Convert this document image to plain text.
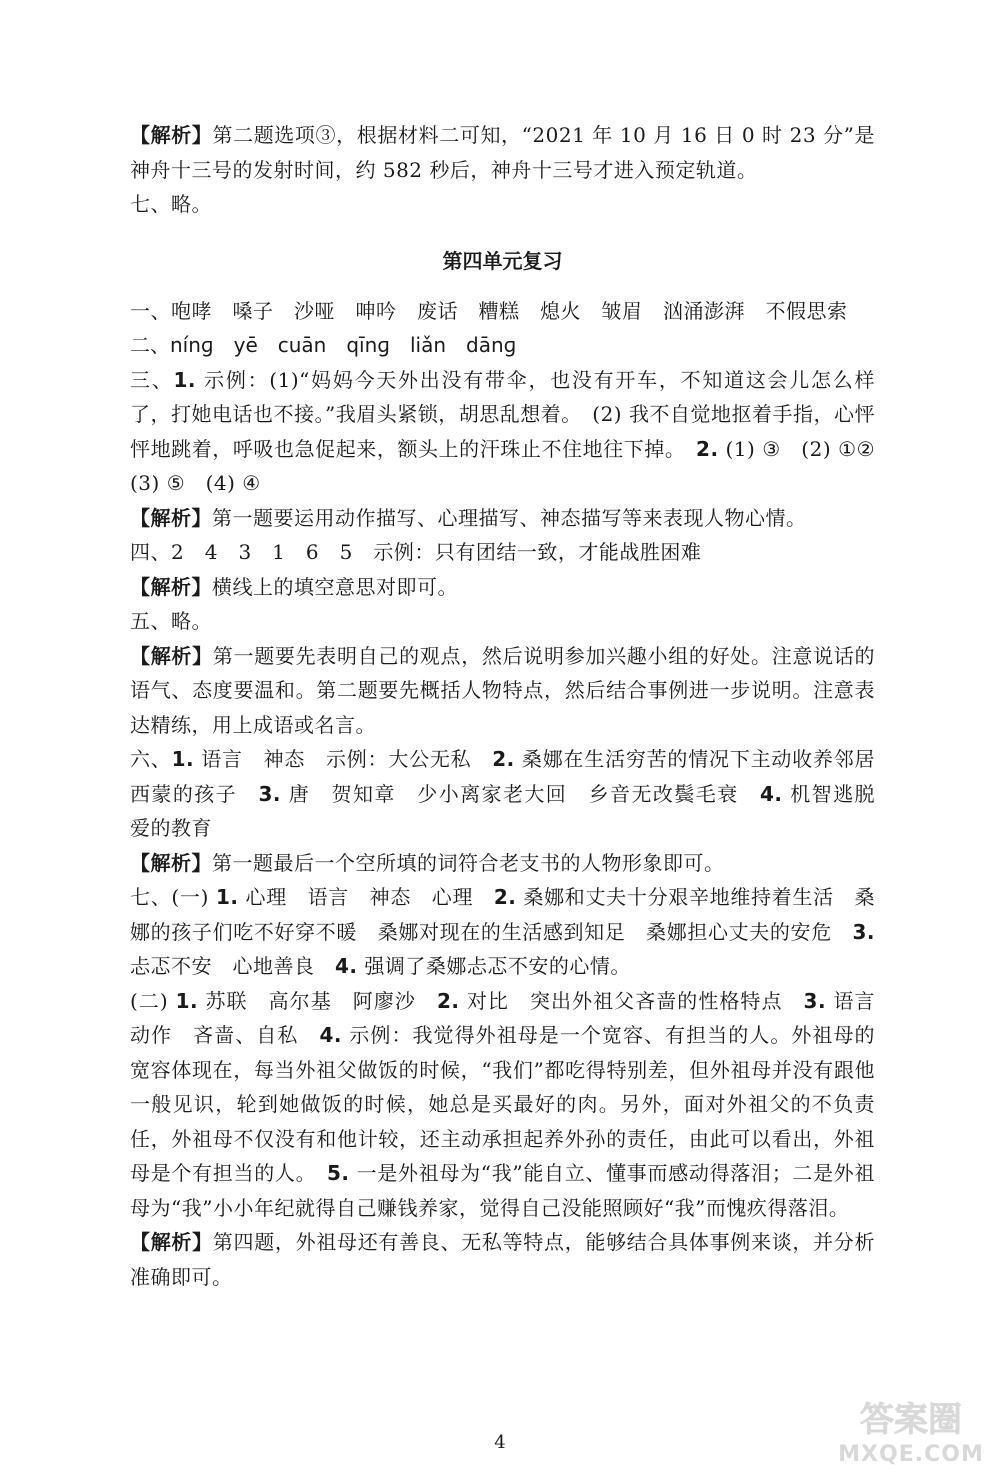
【解析】第二题选项③，根据材料二可知，“2021 年 10 月 16 日 0 时 23 分”是神舟十三号的发射时间，约 582 秒后，神舟十三号才进入预定轨道。

七、略。

第四单元复习

一、咆哮　嗓子　沙哑　呻吟　废话　糟糕　熄火　皱眉　汹涌澎湃　不假思索

二、nínɡ　yē　cuān　qīnɡ　liǎn　dānɡ

三、1. 示例：(1)“妈妈今天外出没有带伞，也没有开车，不知道这会儿怎么样了，打她电话也不接。”我眉头紧锁，胡思乱想着。　(2) 我不自觉地抠着手指，心怦怦地跳着，呼吸也急促起来，额头上的汗珠止不住地往下掉。　2. (1) ③　(2) ①②　(3) ⑤　(4) ④

【解析】第一题要运用动作描写、心理描写、神态描写等来表现人物心情。

四、2　4　3　1　6　5　示例：只有团结一致，才能战胜困难

【解析】横线上的填空意思对即可。

五、略。

【解析】第一题要先表明自己的观点，然后说明参加兴趣小组的好处。注意说话的语气、态度要温和。第二题要先概括人物特点，然后结合事例进一步说明。注意表达精练，用上成语或名言。

六、1. 语言　神态　示例：大公无私　2. 桑娜在生活穷苦的情况下主动收养邻居西蒙的孩子　3. 唐　贺知章　少小离家老大回　乡音无改鬓毛衰　4. 机智逃脱　爱的教育

【解析】第一题最后一个空所填的词符合老支书的人物形象即可。

七、(一) 1. 心理　语言　神态　心理　2. 桑娜和丈夫十分艰辛地维持着生活　桑娜的孩子们吃不好穿不暖　桑娜对现在的生活感到知足　桑娜担心丈夫的安危　3. 忐忑不安　心地善良　4. 强调了桑娜忐忑不安的心情。

(二) 1. 苏联　高尔基　阿廖沙　2. 对比　突出外祖父吝啬的性格特点　3. 语言　动作　吝啬、自私　4. 示例：我觉得外祖母是一个宽容、有担当的人。外祖母的宽容体现在，每当外祖父做饭的时候，“我们”都吃得特别差，但外祖母并没有跟他一般见识，轮到她做饭的时候，她总是买最好的肉。另外，面对外祖父的不负责任，外祖母不仅没有和他计较，还主动承担起养外孙的责任，由此可以看出，外祖母是个有担当的人。　5. 一是外祖母为“我”能自立、懂事而感动得落泪；二是外祖母为“我”小小年纪就得自己赚钱养家，觉得自己没能照顾好“我”而愧疚得落泪。

【解析】第四题，外祖母还有善良、无私等特点，能够结合具体事例来谈，并分析准确即可。

4
答案圈
MXQE.COM
